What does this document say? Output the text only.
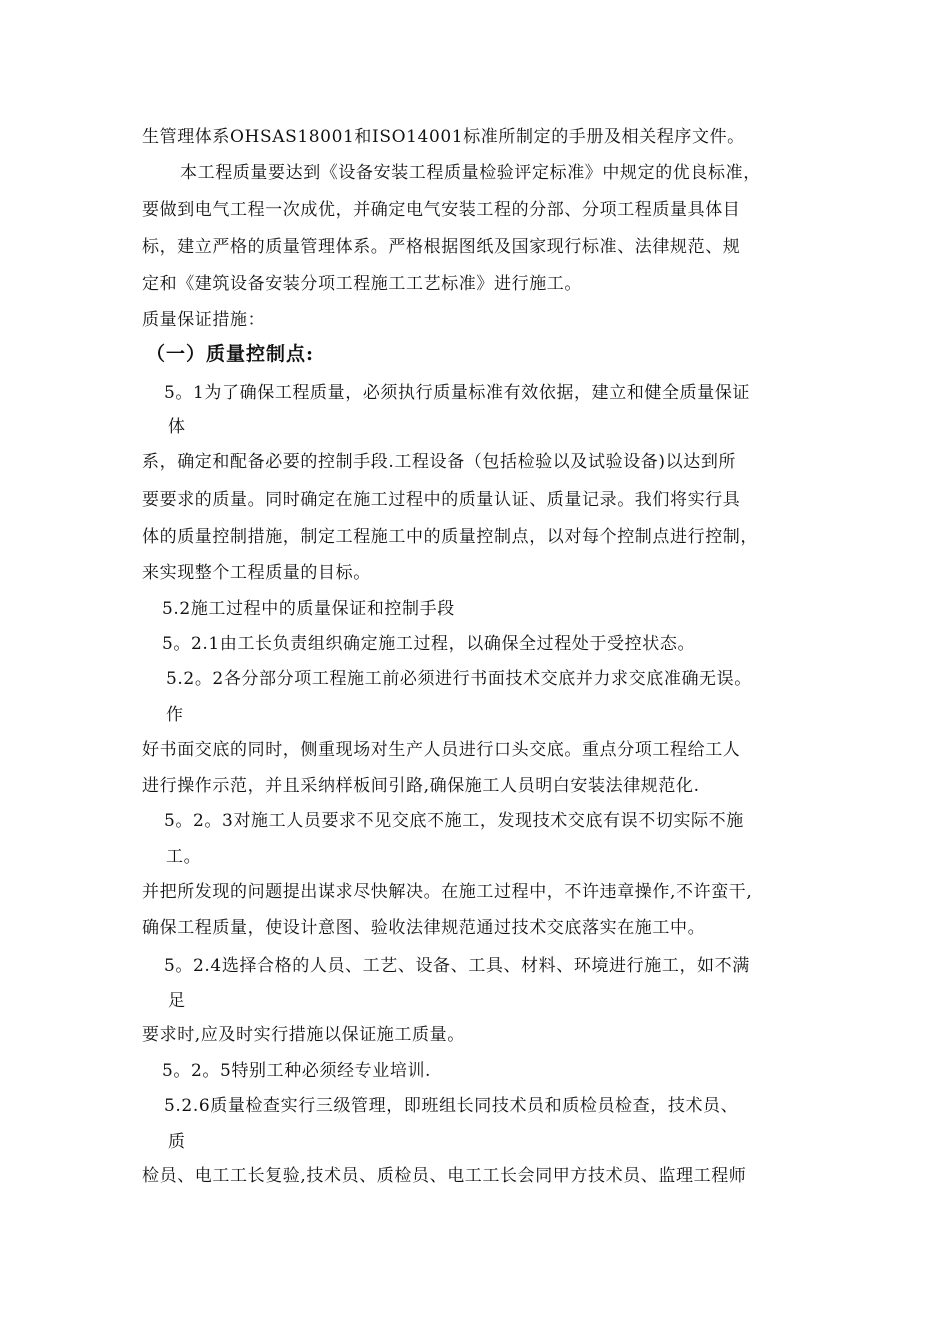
生管理体系OHSAS18001和ISO14001标准所制定的手册及相关程序文件。
本工程质量要达到《设备安装工程质量检验评定标准》中规定的优良标准，
要做到电气工程一次成优，并确定电气安装工程的分部、分项工程质量具体目
标，建立严格的质量管理体系。严格根据图纸及国家现行标准、法律规范、规
定和《建筑设备安装分项工程施工工艺标准》进行施工。
质量保证措施：
（一）质量控制点:
5。1为了确保工程质量，必须执行质量标准有效依据，建立和健全质量保证
体
系，确定和配备必要的控制手段.工程设备（包括检验以及试验设备)以达到所
要要求的质量。同时确定在施工过程中的质量认证、质量记录。我们将实行具
体的质量控制措施，制定工程施工中的质量控制点，以对每个控制点进行控制，
来实现整个工程质量的目标。
5.2施工过程中的质量保证和控制手段
5。2.1由工长负责组织确定施工过程，以确保全过程处于受控状态。
5.2。2各分部分项工程施工前必须进行书面技术交底并力求交底准确无误。
作
好书面交底的同时，侧重现场对生产人员进行口头交底。重点分项工程给工人
进行操作示范，并且采纳样板间引路,确保施工人员明白安装法律规范化.
5。2。3对施工人员要求不见交底不施工，发现技术交底有误不切实际不施
工。
并把所发现的问题提出谋求尽快解决。在施工过程中，不许违章操作,不许蛮干,
确保工程质量，使设计意图、验收法律规范通过技术交底落实在施工中。
5。2.4选择合格的人员、工艺、设备、工具、材料、环境进行施工，如不满
足
要求时,应及时实行措施以保证施工质量。
5。2。5特别工种必须经专业培训.
5.2.6质量检查实行三级管理，即班组长同技术员和质检员检查，技术员、
质
检员、电工工长复验,技术员、质检员、电工工长会同甲方技术员、监理工程师
